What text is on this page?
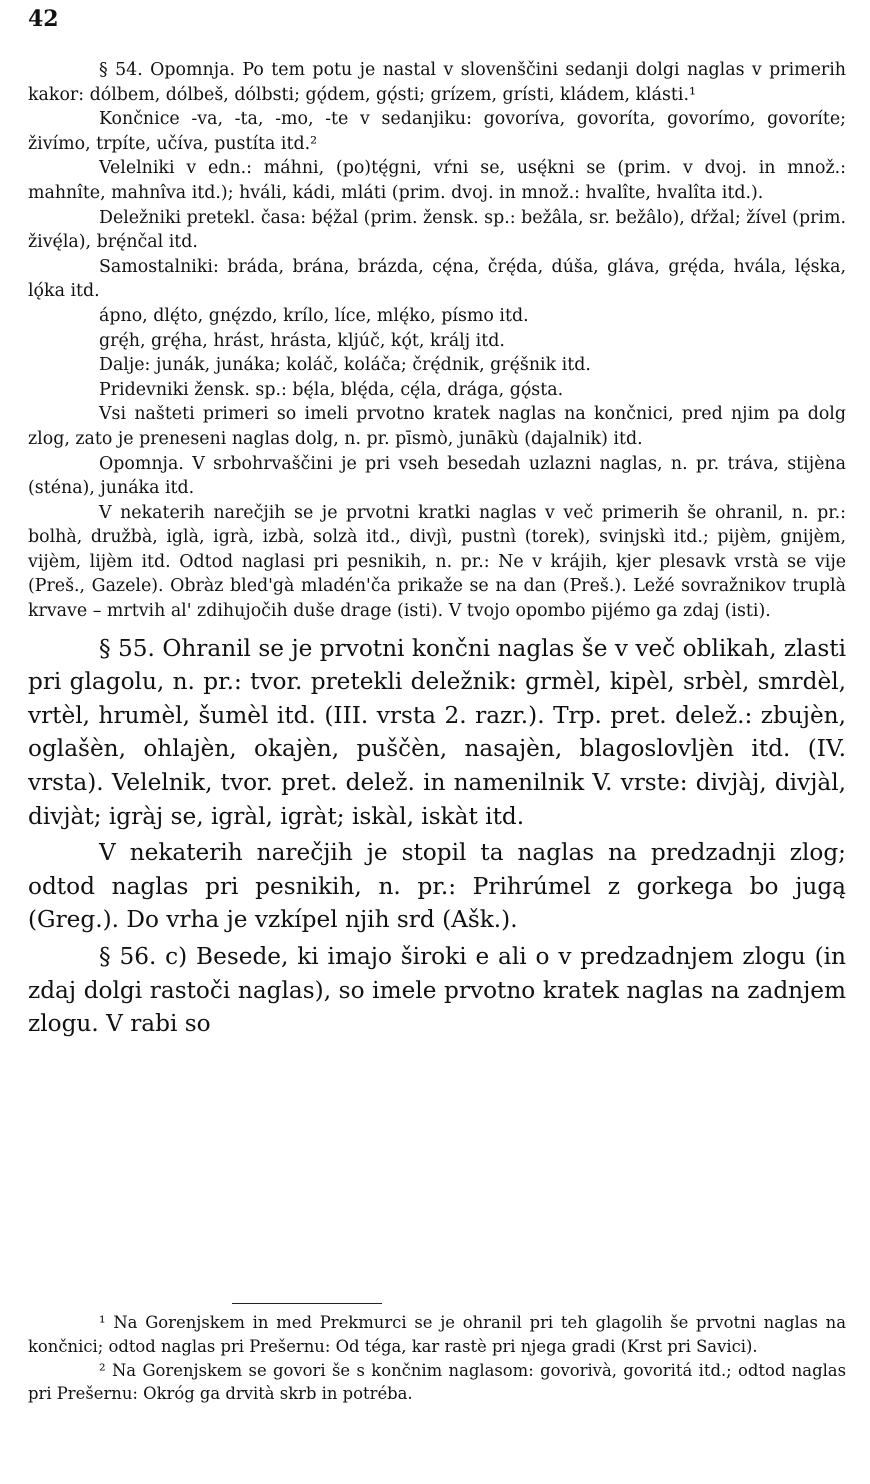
42

§ 54. Opomnja. Po tem potu je nastal v slovenščini sedanji dolgi naglas v primerih kakor: dólbem, dólbeš, dólbsti; gǫ́dem, gǫ́sti; grízem, grísti, kládem, klásti.¹

Končnice -va, -ta, -mo, -te v sedanjiku: govoríva, govoríta, govorímo, govoríte; živímo, trpíte, učíva, pustíta itd.²

Velelniki v edn.: máhni, (po)tę́gni, vŕni se, usę́kni se (prim. v dvoj. in množ.: mahnîte, mahnîva itd.); hváli, kádi, mláti (prim. dvoj. in množ.: hvalîte, hvalîta itd.).

Deležniki pretekl. časa: bę́žal (prim. žensk. sp.: bežâla, sr. bežâlo), dŕžal; žível (prim. živę́la), brę́nčal itd.

Samostalniki: bráda, brána, brázda, cę́na, črę́da, dúša, gláva, grę́da, hvála, lę́ska, lǫ́ka itd.

ápno, dlę́to, gnę́zdo, krílo, líce, mlę́ko, písmo itd.

grę́h, grę́ha, hrást, hrásta, kljúč, kǫ́t, králj itd.

Dalje: junák, junáka; koláč, koláča; črę́dnik, grę́šnik itd.

Pridevniki žensk. sp.: bę́la, blę́da, cę́la, drága, gǫ́sta.

Vsi našteti primeri so imeli prvotno kratek naglas na končnici, pred njim pa dolg zlog, zato je preneseni naglas dolg, n. pr. pīsmò, junākù (dajalnik) itd.

Opomnja. V srbohrvaščini je pri vseh besedah uzlazni naglas, n. pr. tráva, stijèna (sténa), junáka itd.

V nekaterih narečjih se je prvotni kratki naglas v več primerih še ohranil, n. pr.: bolhà, družbà, iglà, igrà, izbà, solzà itd., divjì, pustnì (torek), svinjskì itd.; pijèm, gnijèm, vijèm, lijèm itd. Odtod naglasi pri pesnikih, n. pr.: Ne v krájih, kjer plesavk vrstà se vije (Preš., Gazele). Obràz bled'gà mladén'ča prikaže se na dan (Preš.). Ležé sovražnikov truplà krvave – mrtvih al' zdihujočih duše drage (isti). V tvojo opombo pijémo ga zdaj (isti).

§ 55. Ohranil se je prvotni končni naglas še v več oblikah, zlasti pri glagolu, n. pr.: tvor. pretekli deležnik: grmèl, kipèl, srbèl, smrdèl, vrtèl, hrumèl, šumèl itd. (III. vrsta 2. razr.). Trp. pret. delež.: zbujèn, oglašèn, ohlajèn, okajèn, puščèn, nasajèn, blagoslovljèn itd. (IV. vrsta). Velelnik, tvor. pret. delež. in namenilnik V. vrste: divjàj, divjàl, divjàt; igràj se, igràl, igràt; iskàl, iskàt itd.

V nekaterih narečjih je stopil ta naglas na predzadnji zlog; odtod naglas pri pesnikih, n. pr.: Prihrúmel z gorkega bo jugą (Greg.). Do vrha je vzkípel njih srd (Ašk.).

§ 56. c) Besede, ki imajo široki e ali o v predzadnjem zlogu (in zdaj dolgi rastoči naglas), so imele prvotno kratek naglas na zadnjem zlogu. V rabi so

¹ Na Gorenjskem in med Prekmurci se je ohranil pri teh glagolih še prvotni naglas na končnici; odtod naglas pri Prešernu: Od téga, kar rastè pri njega gradi (Krst pri Savici).

² Na Gorenjskem se govori še s končnim naglasom: govorivà, govoritá itd.; odtod naglas pri Prešernu: Okróg ga drvità skrb in potréba.
